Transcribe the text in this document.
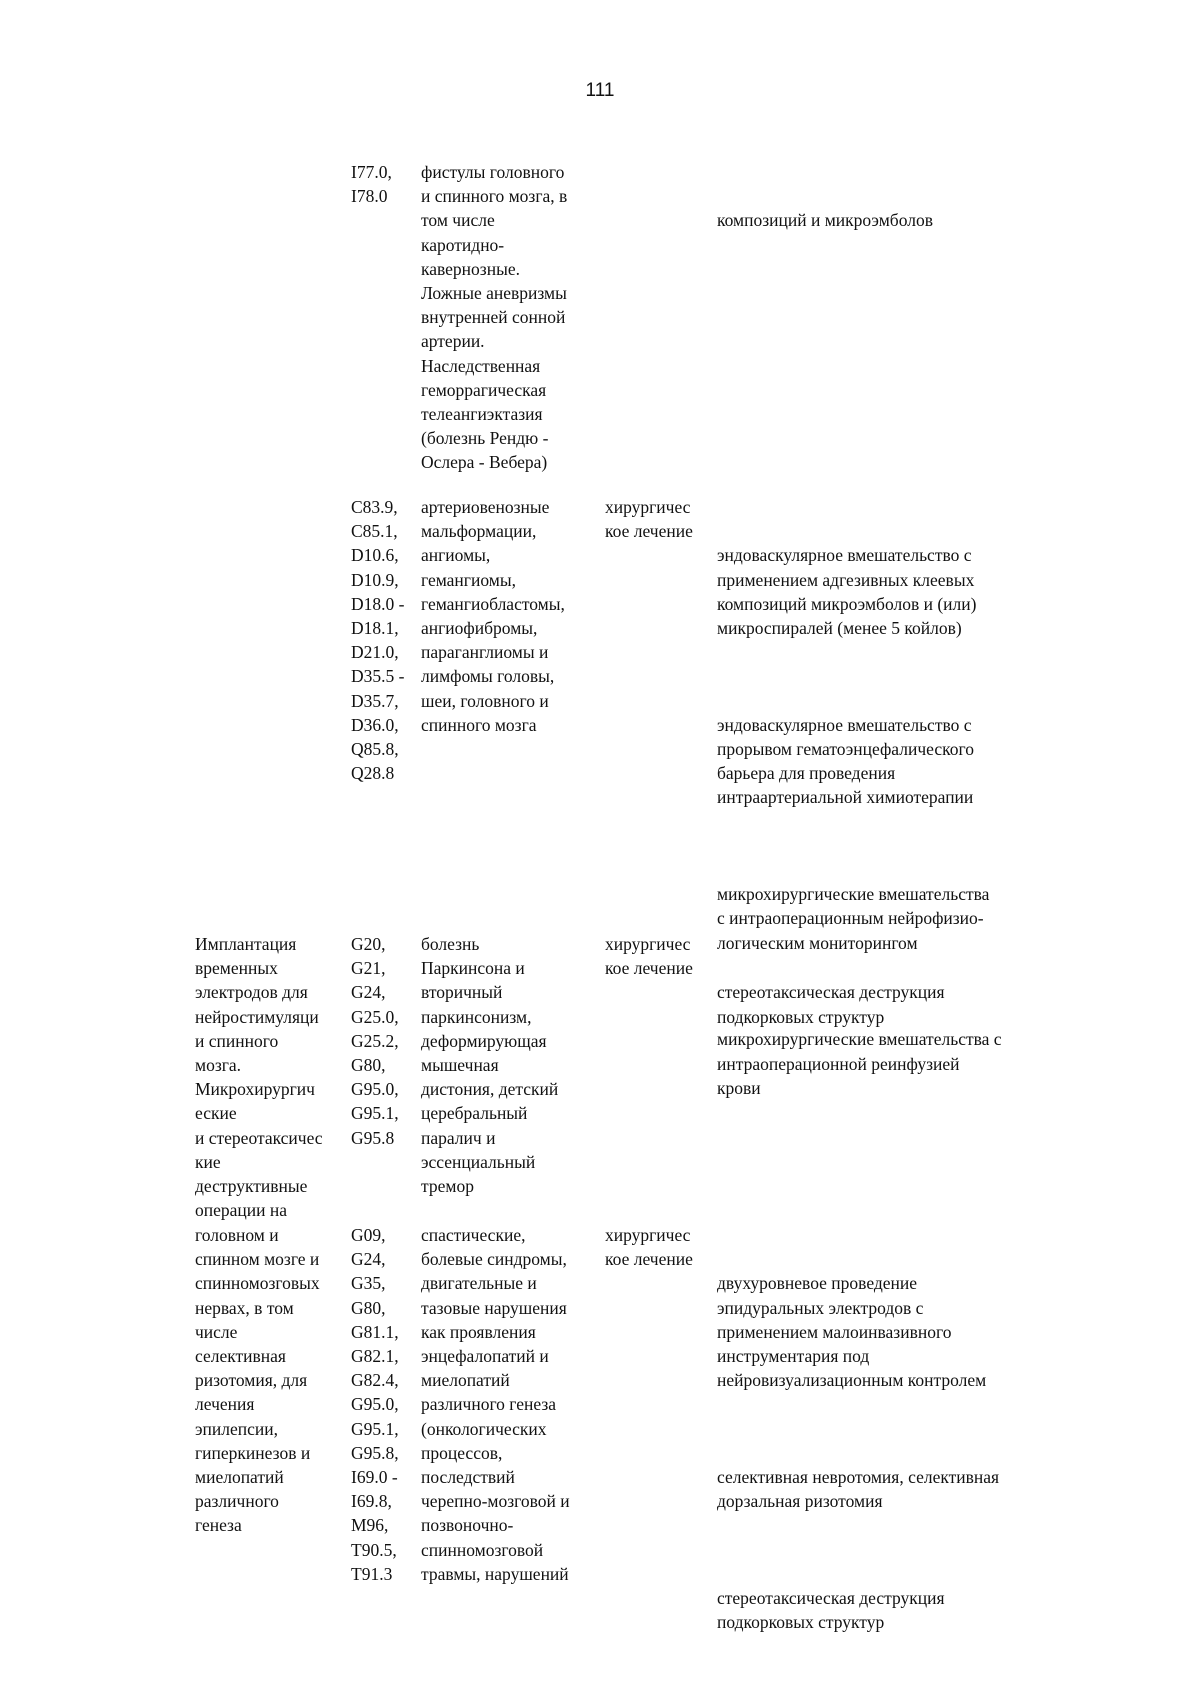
111
I77.0,
I78.0
фистулы головного
и спинного мозга, в
том числе
каротидно-
кавернозные.
Ложные аневризмы
внутренней сонной
артерии.
Наследственная
геморрагическая
телеангиэктазия
(болезнь Рендю -
Ослера - Вебера)

композиций и микроэмболов

C83.9,
C85.1,
D10.6,
D10.9,
D18.0 -
D18.1,
D21.0,
D35.5 -
D35.7,
D36.0,
Q85.8,
Q28.8
артериовенозные
мальформации,
ангиомы,
гемангиомы,
гемангиобластомы,
ангиофибромы,
параганглиомы и
лимфомы головы,
шеи, головного и
спинного мозга
хирургичес
кое лечение

эндоваскулярное вмешательство с
применением адгезивных клеевых
композиций микроэмболов и (или)
микроспиралей (менее 5 койлов)

эндоваскулярное вмешательство с
прорывом гематоэнцефалического
барьера для проведения
интраартериальной химиотерапии

микрохирургические вмешательства
с интраоперационным нейрофизио-
логическим мониторингом

микрохирургические вмешательства с
интраоперационной реинфузией
крови

Имплантация
временных
электродов для
нейростимуляци
и спинного
мозга.
Микрохирургич
еские
и стереотаксичес
кие
деструктивные
операции на
G20,
G21,
G24,
G25.0,
G25.2,
G80,
G95.0,
G95.1,
G95.8
болезнь
Паркинсона и
вторичный
паркинсонизм,
деформирующая
мышечная
дистония, детский
церебральный
паралич и
эссенциальный
тремор
хирургичес
кое лечение

стереотаксическая деструкция
подкорковых структур

головном и
спинном мозге и
спинномозговых
нервах, в том
числе
селективная
ризотомия, для
лечения
эпилепсии,
гиперкинезов и
миелопатий
различного
генеза
G09,
G24,
G35,
G80,
G81.1,
G82.1,
G82.4,
G95.0,
G95.1,
G95.8,
I69.0 -
I69.8,
M96,
T90.5,
T91.3
спастические,
болевые синдромы,
двигательные и
тазовые нарушения
как проявления
энцефалопатий и
миелопатий
различного генеза
(онкологических
процессов,
последствий
черепно-мозговой и
позвоночно-
спинномозговой
травмы, нарушений
хирургичес
кое лечение

двухуровневое проведение
эпидуральных электродов с
применением малоинвазивного
инструментария под
нейровизуализационным контролем

селективная невротомия, селективная
дорзальная ризотомия

стереотаксическая деструкция
подкорковых структур
